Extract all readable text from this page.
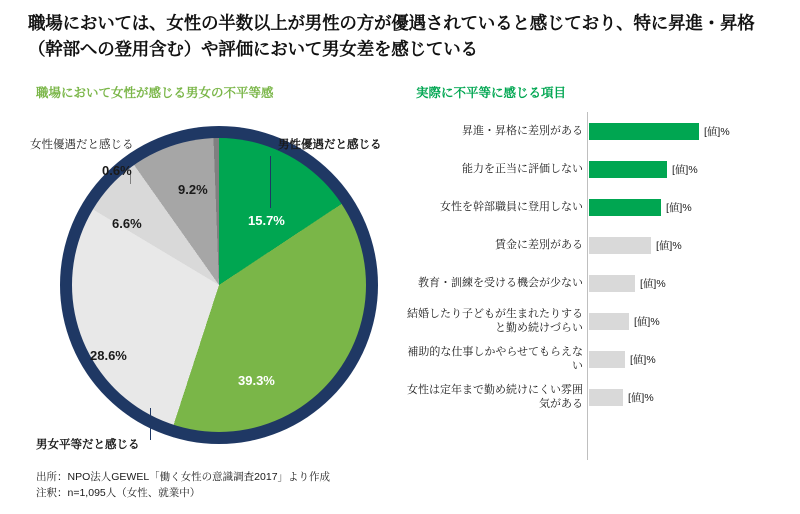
職場においては、女性の半数以上が男性の方が優遇されていると感じており、特に昇進・昇格（幹部への登用含む）や評価において男女差を感じている
職場において女性が感じる男女の不平等感	実際に不平等に感じる項目
女性優遇だと感じる	男性優遇だと感じる
男女平等だと感じる
15.7%
39.3%
28.6%
6.6%
9.2%
0.6%
出所：NPO法人GEWEL「働く女性の意識調査2017」より作成
注釈：n=1,095人（女性、就業中）
昇進・昇格に差別がある	[値]%
能力を正当に評価しない	[値]%
女性を幹部職員に登用しない	[値]%
賃金に差別がある	[値]%
教育・訓練を受ける機会が少ない	[値]%
結婚したり子どもが生まれたりすると勤め続けづらい
[値]%
補助的な仕事しかやらせてもらえない
[値]%
女性は定年まで勤め続けにくい雰囲気がある
[値]%
